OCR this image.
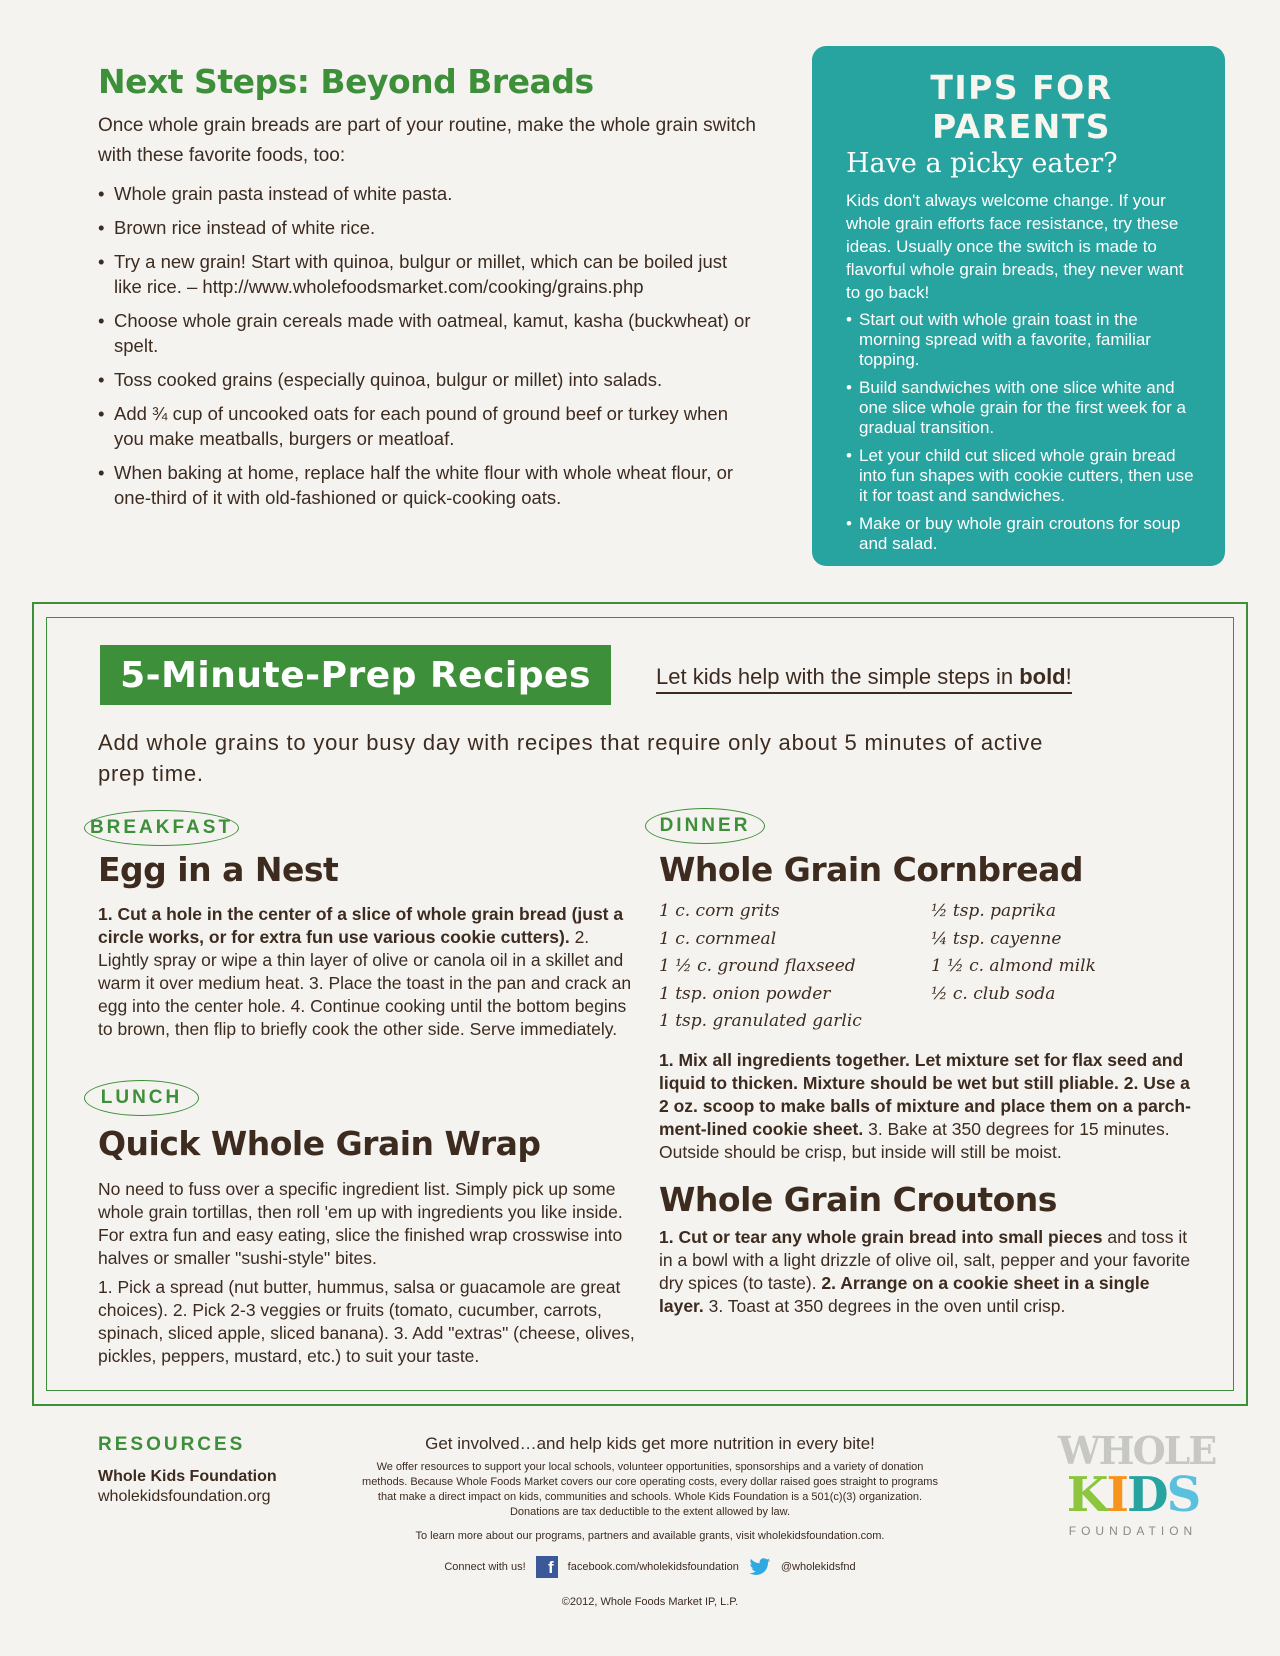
Next Steps: Beyond Breads

Once whole grain breads are part of your routine, make the whole grain switch with these favorite foods, too:

• Whole grain pasta instead of white pasta.
• Brown rice instead of white rice.
• Try a new grain! Start with quinoa, bulgur or millet, which can be boiled just like rice. – http://www.wholefoodsmarket.com/cooking/grains.php
• Choose whole grain cereals made with oatmeal, kamut, kasha (buckwheat) or spelt.
• Toss cooked grains (especially quinoa, bulgur or millet) into salads.
• Add ¾ cup of uncooked oats for each pound of ground beef or turkey when you make meatballs, burgers or meatloaf.
• When baking at home, replace half the white flour with whole wheat flour, or one-third of it with old-fashioned or quick-cooking oats.
TIPS FOR PARENTS
Have a picky eater?

Kids don't always welcome change. If your whole grain efforts face resistance, try these ideas. Usually once the switch is made to flavorful whole grain breads, they never want to go back!

• Start out with whole grain toast in the morning spread with a favorite, familiar topping.
• Build sandwiches with one slice white and one slice whole grain for the first week for a gradual transition.
• Let your child cut sliced whole grain bread into fun shapes with cookie cutters, then use it for toast and sandwiches.
• Make or buy whole grain croutons for soup and salad.
5-Minute-Prep Recipes	Let kids help with the simple steps in bold!

Add whole grains to your busy day with recipes that require only about 5 minutes of active prep time.

BREAKFAST
Egg in a Nest

1. Cut a hole in the center of a slice of whole grain bread (just a circle works, or for extra fun use various cookie cutters). 2. Lightly spray or wipe a thin layer of olive or canola oil in a skillet and warm it over medium heat. 3. Place the toast in the pan and crack an egg into the center hole. 4. Continue cooking until the bottom begins to brown, then flip to briefly cook the other side. Serve immediately.

LUNCH
Quick Whole Grain Wrap

No need to fuss over a specific ingredient list. Simply pick up some whole grain tortillas, then roll 'em up with ingredients you like inside. For extra fun and easy eating, slice the finished wrap crosswise into halves or smaller "sushi-style" bites.

1. Pick a spread (nut butter, hummus, salsa or guacamole are great choices). 2. Pick 2-3 veggies or fruits (tomato, cucumber, carrots, spinach, sliced apple, sliced banana). 3. Add "extras" (cheese, olives, pickles, peppers, mustard, etc.) to suit your taste.

DINNER
Whole Grain Cornbread
1 c. corn grits	½ tsp. paprika
1 c. cornmeal	¼ tsp. cayenne
1 ½ c. ground flaxseed	1 ½ c. almond milk
1 tsp. onion powder	½ c. club soda
1 tsp. granulated garlic

1. Mix all ingredients together. Let mixture set for flax seed and liquid to thicken. Mixture should be wet but still pliable. 2. Use a 2 oz. scoop to make balls of mixture and place them on a parch-ment-lined cookie sheet. 3. Bake at 350 degrees for 15 minutes. Outside should be crisp, but inside will still be moist.

Whole Grain Croutons

1. Cut or tear any whole grain bread into small pieces and toss it in a bowl with a light drizzle of olive oil, salt, pepper and your favorite dry spices (to taste). 2. Arrange on a cookie sheet in a single layer. 3. Toast at 350 degrees in the oven until crisp.

RESOURCES
Whole Kids Foundation
wholekidsfoundation.org
Get involved…and help kids get more nutrition in every bite!
We offer resources to support your local schools, volunteer opportunities, sponsorships and a variety of donation methods. Because Whole Foods Market covers our core operating costs, every dollar raised goes straight to programs that make a direct impact on kids, communities and schools. Whole Kids Foundation is a 501(c)(3) organization. Donations are tax deductible to the extent allowed by law.
To learn more about our programs, partners and available grants, visit wholekidsfoundation.com.
Connect with us!	f	facebook.com/wholekidsfoundation	@wholekidsfnd
©2012, Whole Foods Market IP, L.P.
WHOLE
KIDS
FOUNDATION
